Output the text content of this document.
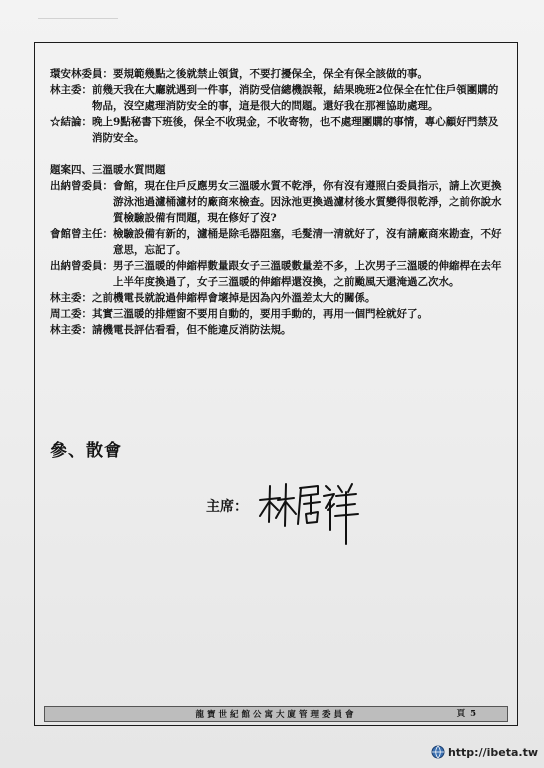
環安林委員： 要規範幾點之後就禁止領貨，不要打擾保全，保全有保全該做的事。
林主委： 前幾天我在大廳就遇到一件事，消防受信總機誤報，結果晚班2位保全在忙住戶領團購的物品，沒空處理消防安全的事，這是很大的問題。還好我在那裡協助處理。
☆結論： 晚上9點秘書下班後，保全不收現金，不收寄物，也不處理團購的事情，專心顧好門禁及消防安全。
題案四、三溫暖水質問題
出納曾委員： 會館，現在住戶反應男女三溫暖水質不乾淨，你有沒有遵照白委員指示，請上次更換游泳池過濾桶濾材的廠商來檢查。因泳池更換過濾材後水質變得很乾淨，之前你說水質檢驗設備有問題，現在修好了沒?
會館曾主任： 檢驗設備有新的，濾桶是除毛器阻塞，毛髮清一清就好了，沒有請廠商來勘查，不好意思，忘記了。
出納曾委員： 男子三溫暖的伸縮桿數量跟女子三溫暖數量差不多，上次男子三溫暖的伸縮桿在去年上半年度換過了，女子三溫暖的伸縮桿還沒換，之前颱風天還淹過乙次水。
林主委： 之前機電長就說過伸縮桿會壞掉是因為內外溫差太大的關係。
周工委： 其實三溫暖的排煙窗不要用自動的，要用手動的，再用一個門栓就好了。
林主委： 請機電長評估看看，但不能違反消防法規。
參、散會
主席：
龍寶世紀館公寓大廈管理委員會	頁 5
http://ibeta.tw
